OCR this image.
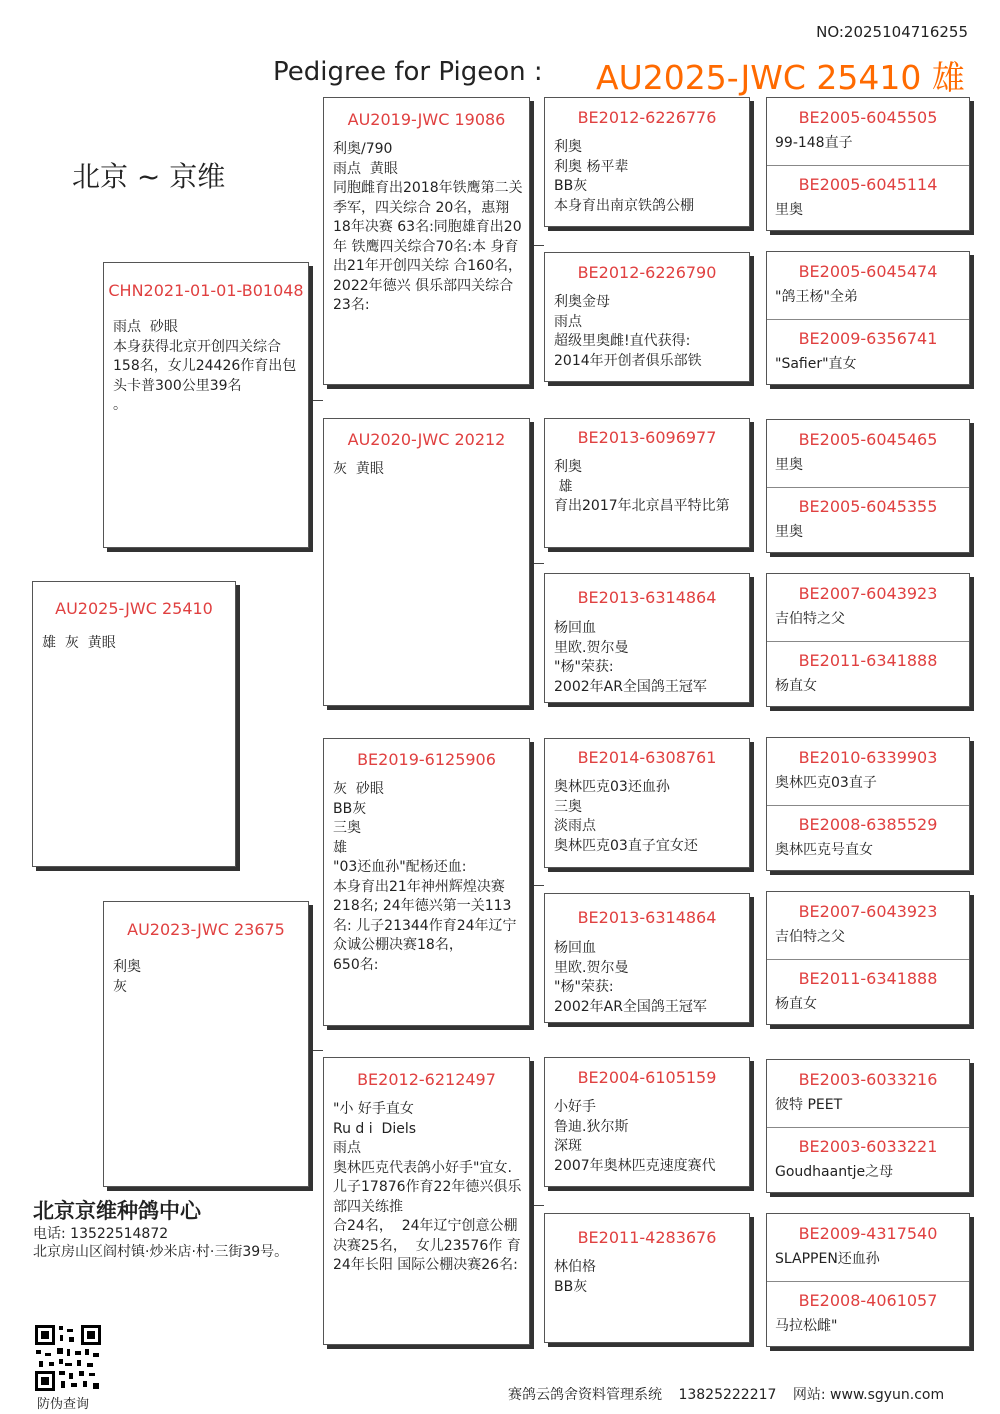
NO:2025104716255
Pedigree for Pigeon : AU2025-JWC 25410 雄
北京 ~ 京维
AU2025-JWC 25410
雄  灰  黄眼
CHN2021-01-01-B01048
雨点  砂眼
本身获得北京开创四关综合158名，女儿24426作育出包头卡普300公里39名
。
AU2023-JWC 23675
利奥
灰
AU2019-JWC 19086
利奥/790
雨点  黄眼
同胞雌育出2018年铁鹰第二关季军，四关综合 20名，惠翔18年决赛 63名:同胞雄育出20年 铁鹰四关综合70名:本 身育出21年开创四关综 合160名，2022年德兴 俱乐部四关综合23名:
AU2020-JWC 20212
灰  黄眼
BE2019-6125906
灰  砂眼
BB灰
三奥
雄
"03还血孙"配杨还血:
本身育出21年神州辉煌决赛218名; 24年德兴第一关113名: 儿子21344作育24年辽宁众诚公棚决赛18名，
650名:
BE2012-6212497
"小 好手直女
Ru d i  Diels
雨点
奥林匹克代表鸽小好手"宜女. 儿子17876作育22年德兴俱乐部四关练推
合24名，  24年辽宁创意公棚决赛25名，  女儿23576作 育24年长阳 国际公棚决赛26名:
BE2012-6226776
利奥
利奥 杨平辈
BB灰
本身育出南京铁鸽公棚
BE2012-6226790
利奥金母
雨点
超级里奥雌!直代获得:
2014年开创者俱乐部铁
BE2013-6096977
利奥
雄
育出2017年北京昌平特比第
BE2013-6314864
杨回血
里欧.贺尔曼
"杨"荣获:
2002年AR全国鸽王冠军
BE2014-6308761
奥林匹克03还血孙
三奥
淡雨点
奥林匹克03直子宜女还
BE2013-6314864
杨回血
里欧.贺尔曼
"杨"荣获:
2002年AR全国鸽王冠军
BE2004-6105159
小好手
鲁迪.狄尔斯
深斑
2007年奥林匹克速度赛代
BE2011-4283676
林伯格
BB灰
BE2005-6045505
99-148直子
BE2005-6045114
里奥
BE2005-6045474
"鸽王杨"全弟
BE2009-6356741
"Safier"直女
BE2005-6045465
里奥
BE2005-6045355
里奥
BE2007-6043923
吉伯特之父
BE2011-6341888
杨直女
BE2010-6339903
奥林匹克03直子
BE2008-6385529
奥林匹克号直女
BE2007-6043923
吉伯特之父
BE2011-6341888
杨直女
BE2003-6033216
彼特 PEET
BE2003-6033221
Goudhaantje之母
BE2009-4317540
SLAPPEN还血孙
BE2008-4061057
马拉松雌"
北京京维种鸽中心
电话: 13522514872
北京房山区阎村镇·炒米店·村·三街39号。
防伪查询
赛鸽云鸽舍资料管理系统 13825222217 网站: www.sgyun.com
